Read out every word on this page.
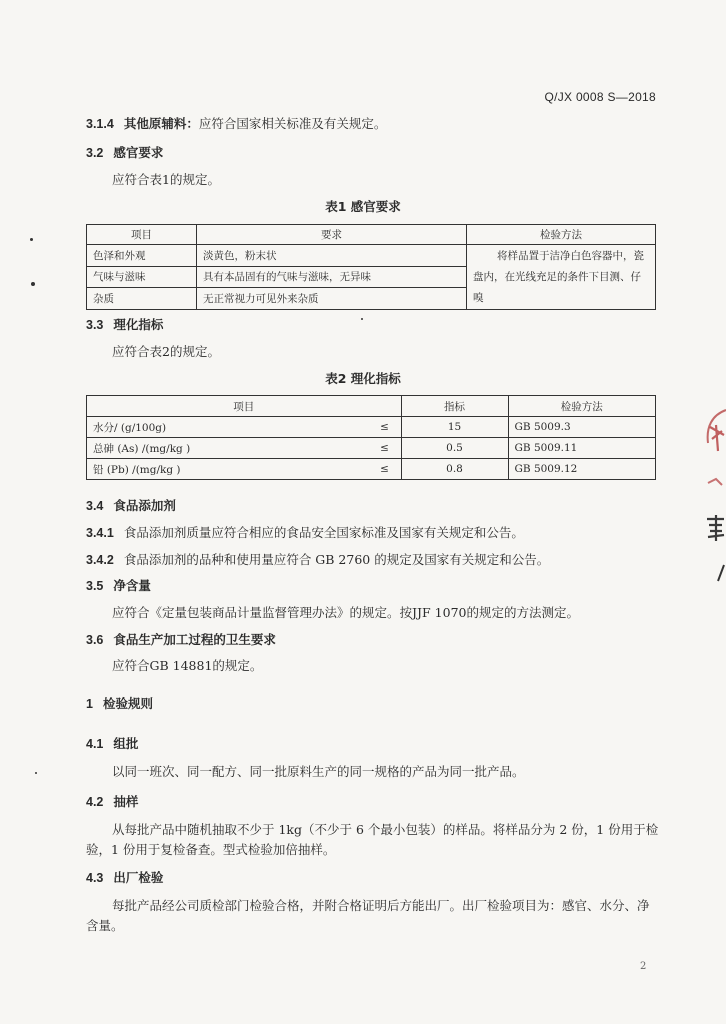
Q/JX 0008 S—2018
3.1.4 其他原辅料：应符合国家相关标准及有关规定。
3.2 感官要求
应符合表1的规定。
表1 感官要求
项目	要求	检验方法
色泽和外观	淡黄色，粉末状	将样品置于洁净白色容器中，瓷
盘内，在光线充足的条件下目测、仔
嗅

气味与滋味	具有本品固有的气味与滋味，无异味	
杂质	无正常视力可见外来杂质	
3.3 理化指标
应符合表2的规定。
表2 理化指标
项目		指标	检验方法
水分/ (g/100g)	≤	15	GB 5009.3
总砷 (As) /(mg/kg )	≤	0.5	GB 5009.11
铅 (Pb) /(mg/kg )	≤	0.8	GB 5009.12
3.4 食品添加剂
3.4.1 食品添加剂质量应符合相应的食品安全国家标准及国家有关规定和公告。
3.4.2 食品添加剂的品种和使用量应符合 GB 2760 的规定及国家有关规定和公告。
3.5 净含量
应符合《定量包装商品计量监督管理办法》的规定。按JJF 1070的规定的方法测定。
3.6 食品生产加工过程的卫生要求
应符合GB 14881的规定。
1 检验规则
4.1 组批
以同一班次、同一配方、同一批原料生产的同一规格的产品为同一批产品。
4.2 抽样
从每批产品中随机抽取不少于 1kg（不少于 6 个最小包装）的样品。将样品分为 2 份，1 份用于检
验，1 份用于复检备查。型式检验加倍抽样。
4.3 出厂检验
每批产品经公司质检部门检验合格，并附合格证明后方能出厂。出厂检验项目为：感官、水分、净
含量。
2
